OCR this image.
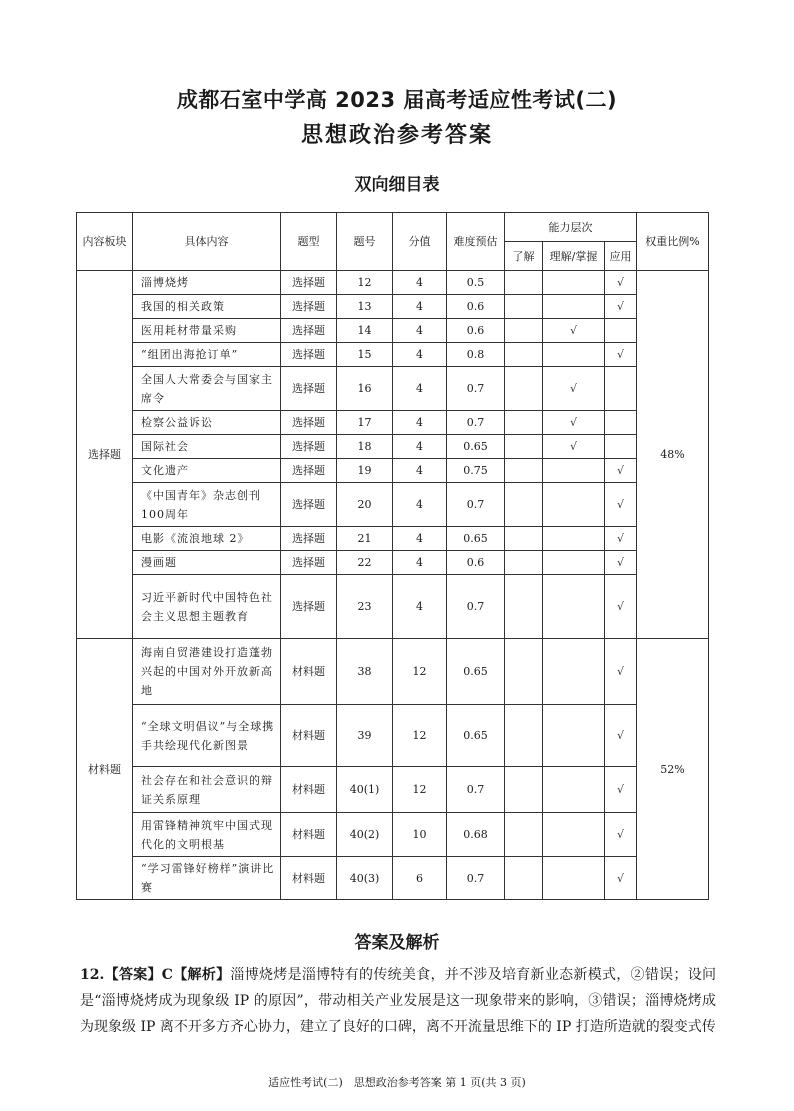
成都石室中学高 2023 届高考适应性考试(二)
思想政治参考答案
双向细目表
内容板块	具体内容	题型	题号	分值	难度预估	能力层次			权重比例%
						了解	理解/掌握	应用	
选择题	淄博烧烤	选择题	12	4	0.5			√	48%
	我国的相关政策	选择题	13	4	0.6			√	
	医用耗材带量采购	选择题	14	4	0.6		√		
	“组团出海抢订单”	选择题	15	4	0.8			√	
	全国人大常委会与国家主席令	选择题	16	4	0.7		√		
	检察公益诉讼	选择题	17	4	0.7		√		
	国际社会	选择题	18	4	0.65		√		
	文化遗产	选择题	19	4	0.75			√	
	《中国青年》杂志创刊100周年	选择题	20	4	0.7			√	
	电影《流浪地球 2》	选择题	21	4	0.65			√	
	漫画题	选择题	22	4	0.6			√	
	习近平新时代中国特色社会主义思想主题教育	选择题	23	4	0.7			√	
材料题	海南自贸港建设打造蓬勃兴起的中国对外开放新高地	材料题	38	12	0.65			√	52%
	“全球文明倡议”与全球携手共绘现代化新图景	材料题	39	12	0.65			√	
	社会存在和社会意识的辩证关系原理	材料题	40(1)	12	0.7			√	
	用雷锋精神筑牢中国式现代化的文明根基	材料题	40(2)	10	0.68			√	
	“学习雷锋好榜样”演讲比赛	材料题	40(3)	6	0.7			√	
答案及解析
12.【答案】C【解析】淄博烧烤是淄博特有的传统美食，并不涉及培育新业态新模式，②错误；设问是“淄博烧烤成为现象级 IP 的原因”，带动相关产业发展是这一现象带来的影响，③错误；淄博烧烤成为现象级 IP 离不开多方齐心协力，建立了良好的口碑，离不开流量思维下的 IP 打造所造就的裂变式传
适应性考试(二)　思想政治参考答案 第 1 页(共 3 页)
